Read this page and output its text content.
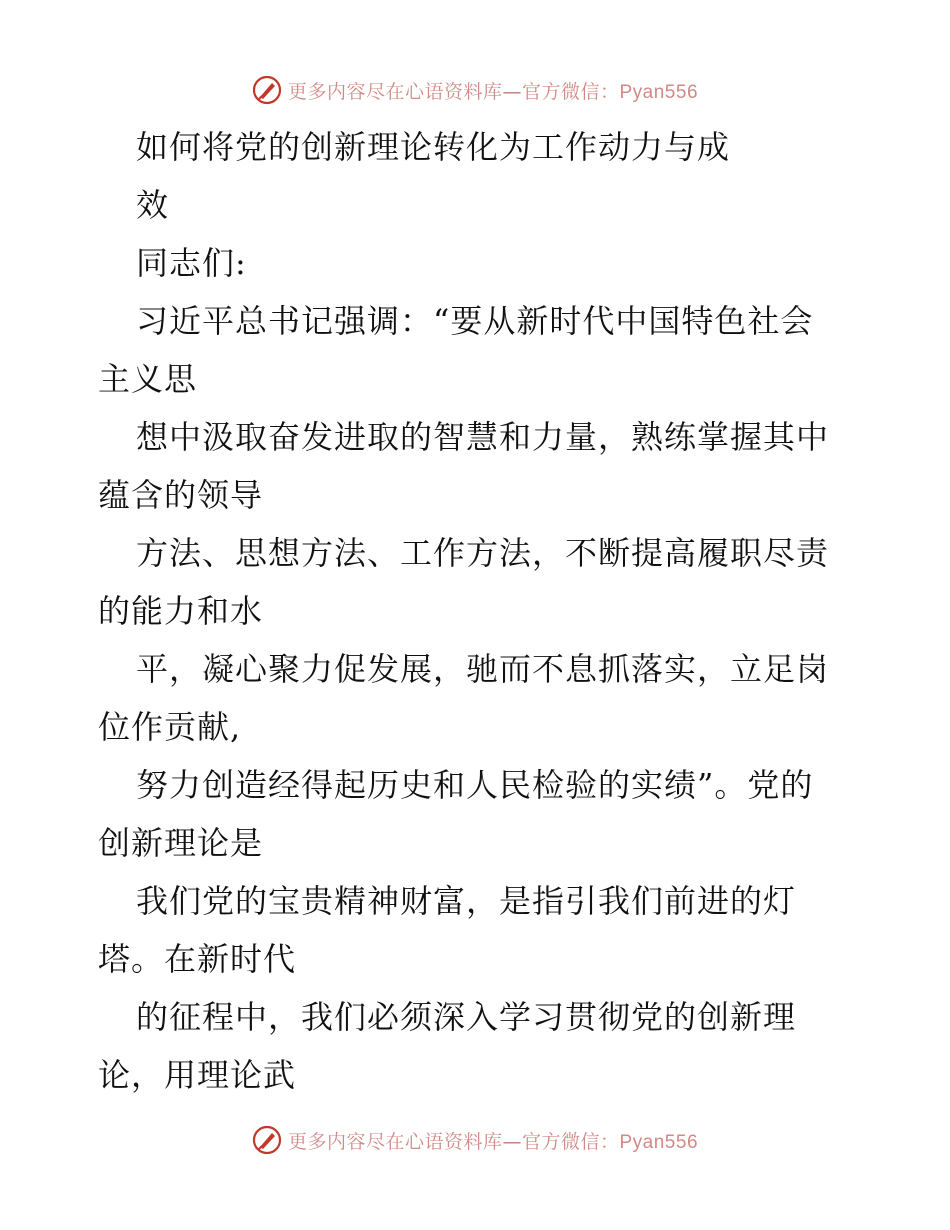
更多内容尽在心语资料库—官方微信：Pyan556
如何将党的创新理论转化为工作动力与成
效
同志们:
习近平总书记强调：“要从新时代中国特色社会
主义思
想中汲取奋发进取的智慧和力量，熟练掌握其中
蕴含的领导
方法、思想方法、工作方法，不断提高履职尽责
的能力和水
平，凝心聚力促发展，驰而不息抓落实，立足岗
位作贡献,
努力创造经得起历史和人民检验的实绩”。党的
创新理论是
我们党的宝贵精神财富，是指引我们前进的灯
塔。在新时代
的征程中，我们必须深入学习贯彻党的创新理
论，用理论武
更多内容尽在心语资料库—官方微信：Pyan556
